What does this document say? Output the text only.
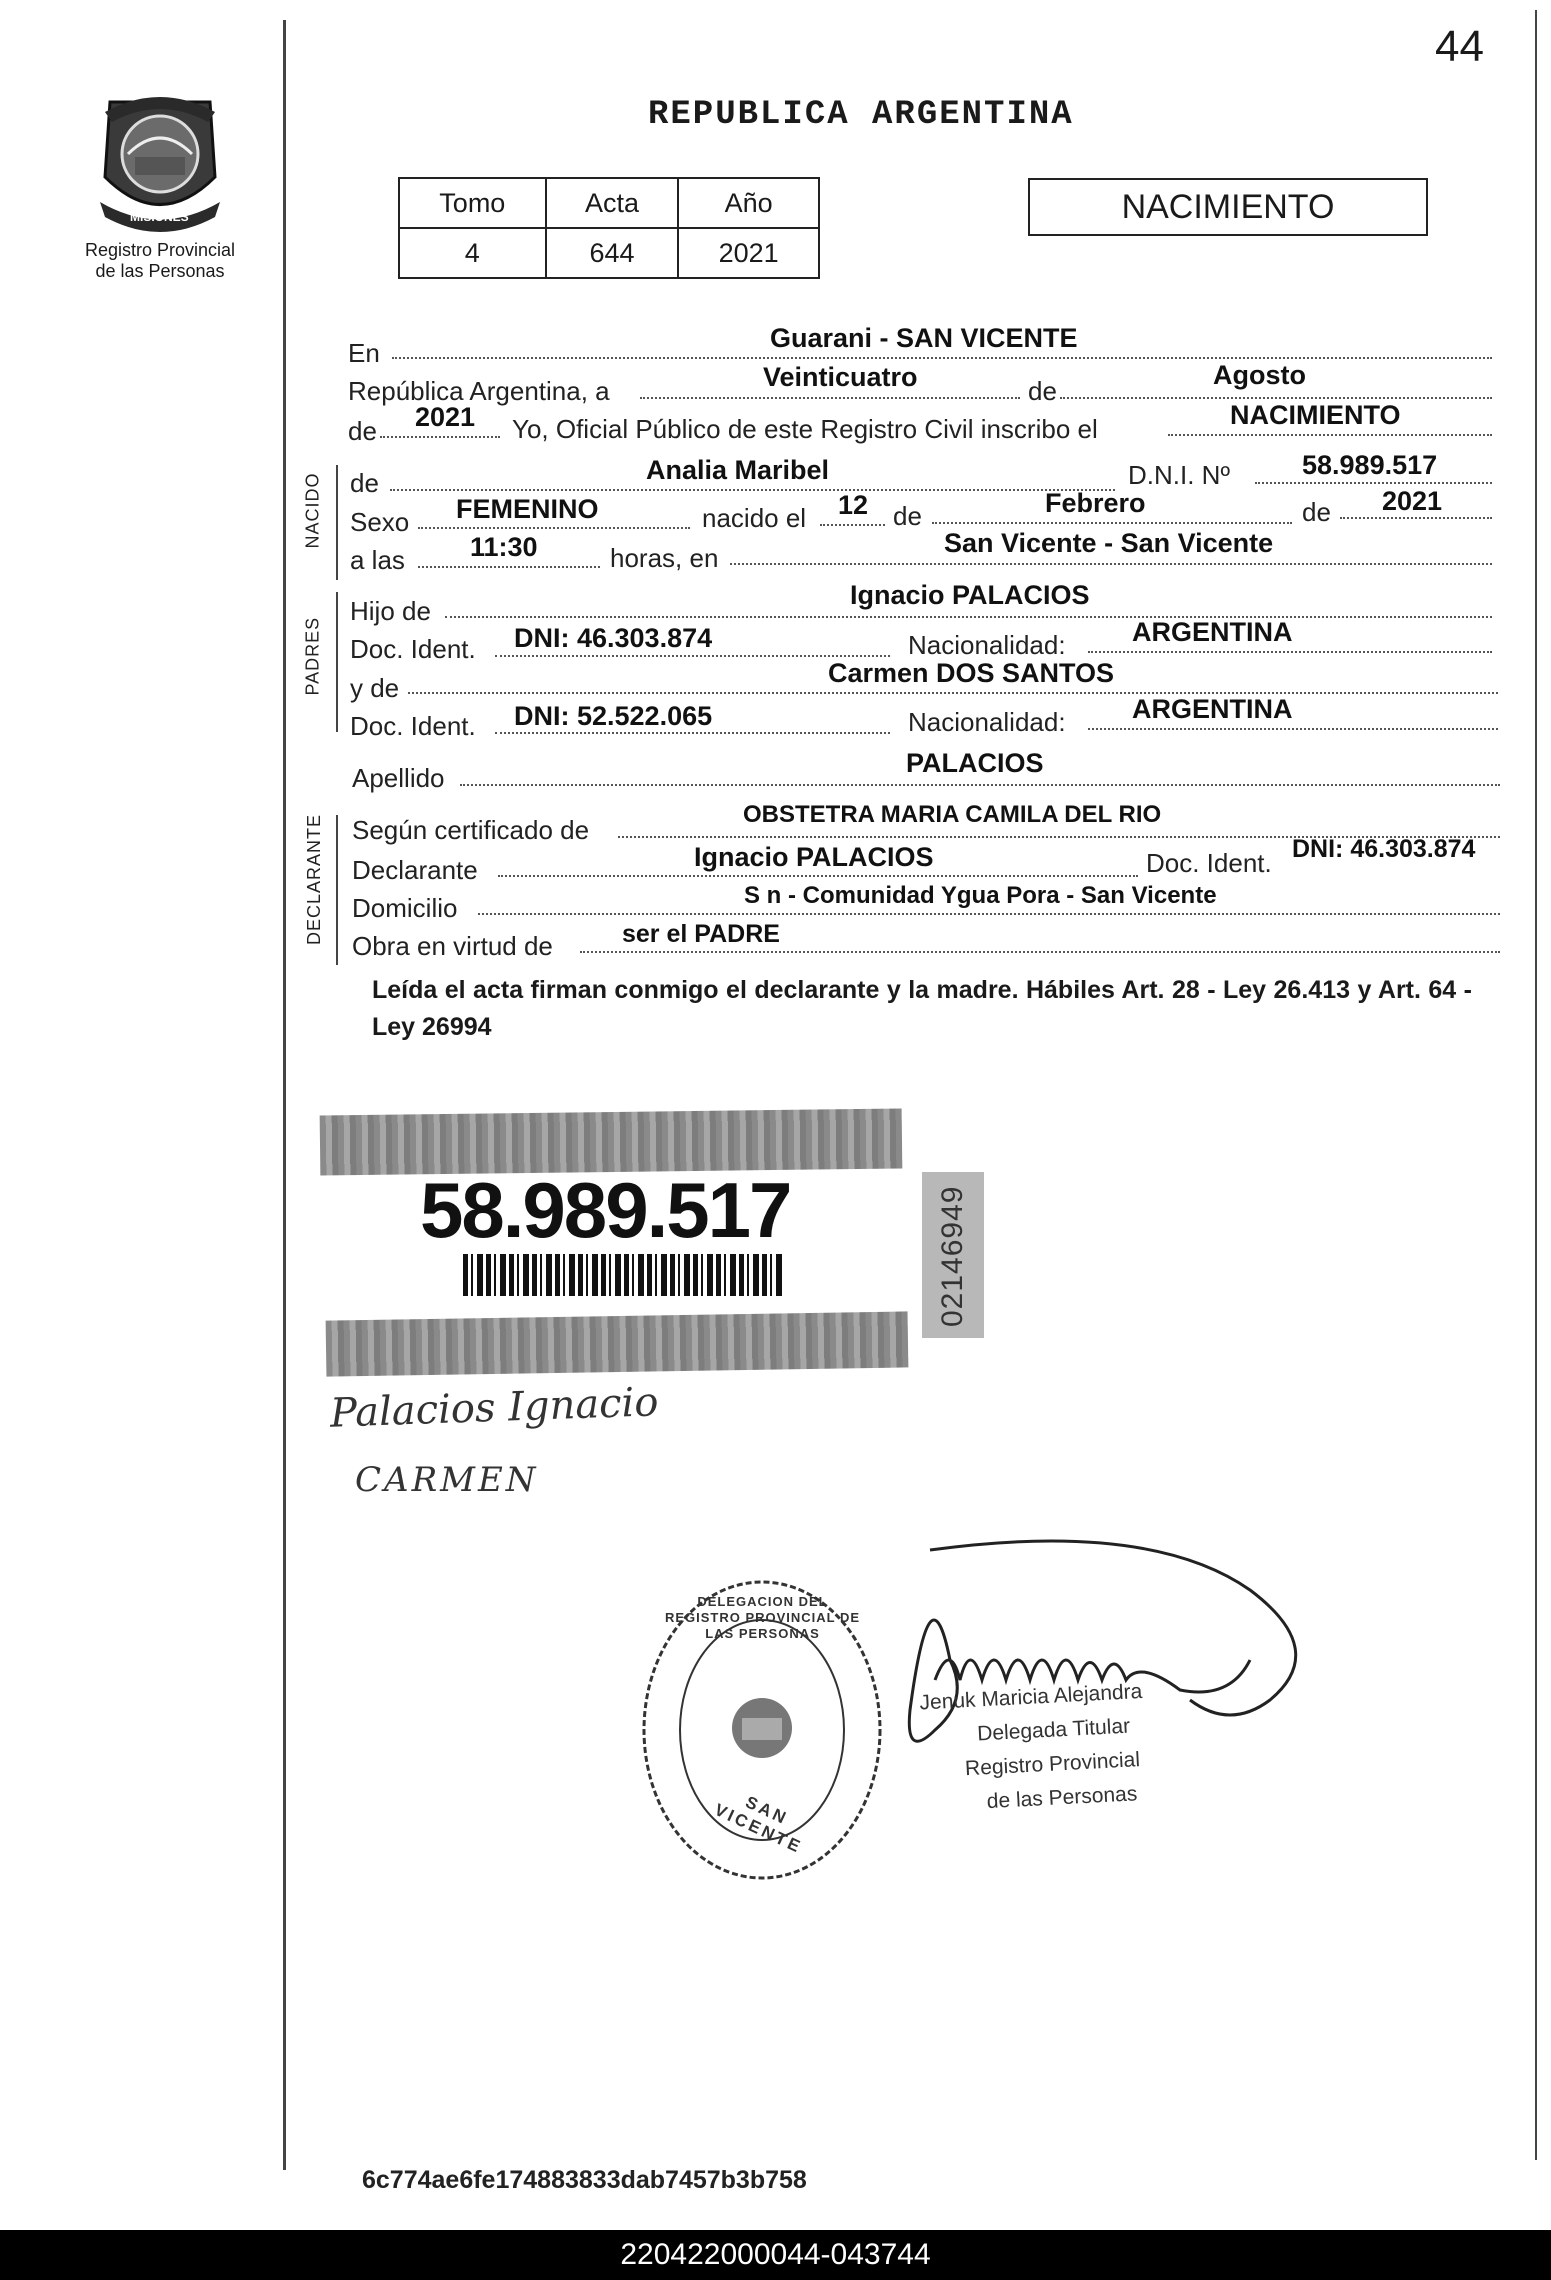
44
PROVINCIA DE
MISIONES
Registro Provincial
de las Personas
REPUBLICA ARGENTINA
Tomo	Acta	Año
4	644	2021
NACIMIENTO
En	Guarani - SAN VICENTE
República Argentina, a	Veinticuatro	de
Agosto
de 2021 Yo, Oficial Público de este Registro Civil inscribo el	NACIMIENTO
NACIDO de	Analia Maribel	D.N.I. Nº	58.989.517
Sexo FEMENINO	nacido el 12 de	Febrero	de 2021
a las 11:30	horas, en	San Vicente - San Vicente
PADRES
Hijo de
Ignacio PALACIOS
Doc. Ident. DNI: 46.303.874	Nacionalidad: ARGENTINA
y de	Carmen DOS SANTOS
Doc. Ident. DNI: 52.522.065	Nacionalidad: ARGENTINA
Apellido	PALACIOS
DECLARANTE Según certificado de
OBSTETRA MARIA CAMILA DEL RIO
Declarante	Ignacio PALACIOS	Doc. Ident. DNI: 46.303.874
Domicilio	S n - Comunidad Ygua Pora - San Vicente
Obra en virtud de	ser el PADRE
Leída el acta firman conmigo el declarante y la madre. Hábiles Art. 28 - Ley 26.413 y Art. 64 - Ley 26994
58.989.517	02146949
Palacios Ignacio
CARMEN
DELEGACION DEL REGISTRO PROVINCIAL DE LAS PERSONAS
SAN VICENTE
Jenuk Maricia Alejandra
Delegada Titular
Registro Provincial
de las Personas
6c774ae6fe174883833dab7457b3b758
220422000044-043744
